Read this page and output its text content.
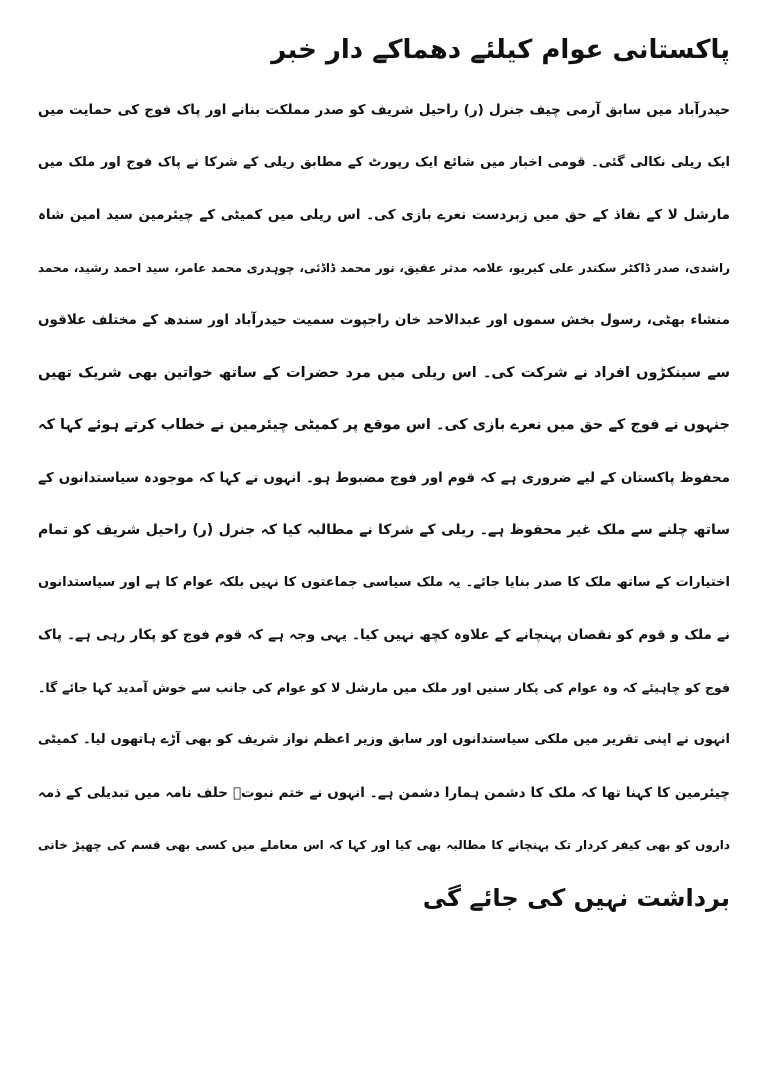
پاکستانی عوام کیلئے دھماکے دار خبر
حیدرآباد میں سابق آرمی چیف جنرل (ر) راحیل شریف کو صدر مملکت بنانے اور پاک فوج کی حمایت میں
ایک ریلی نکالی گئی۔ قومی اخبار میں شائع ایک رپورٹ کے مطابق ریلی کے شرکا نے پاک فوج اور ملک میں
مارشل لا کے نفاذ کے حق میں زبردست نعرے بازی کی۔ اس ریلی میں کمیٹی کے چیئرمین سید امین شاہ
راشدی، صدر ڈاکٹر سکندر علی کیریو، علامہ مدثر عقیق، نور محمد ڈاڈئی، چوہدری محمد عامر، سید احمد رشید، محمد
منشاء بھٹی، رسول بخش سموں اور عبدالاحد خان راجپوت سمیت حیدرآباد اور سندھ کے مختلف علاقوں
سے سینکڑوں افراد نے شرکت کی۔ اس ریلی میں مرد حضرات کے ساتھ خواتین بھی شریک تھیں
جنہوں نے فوج کے حق میں نعرے بازی کی۔ اس موقع پر کمیٹی چیئرمین نے خطاب کرتے ہوئے کہا کہ
محفوظ پاکستان کے لیے ضروری ہے کہ قوم اور فوج مضبوط ہو۔ انہوں نے کہا کہ موجودہ سیاستدانوں کے
ساتھ چلنے سے ملک غیر محفوظ ہے۔ ریلی کے شرکا نے مطالبہ کیا کہ جنرل (ر) راحیل شریف کو تمام
اختیارات کے ساتھ ملک کا صدر بنایا جائے۔ یہ ملک سیاسی جماعتوں کا نہیں بلکہ عوام کا ہے اور سیاستدانوں
نے ملک و قوم کو نقصان پہنچانے کے علاوہ کچھ نہیں کیا۔ یہی وجہ ہے کہ قوم فوج کو پکار رہی ہے۔ پاک
فوج کو چاہیئے کہ وہ عوام کی پکار سنیں اور ملک میں مارشل لا کو عوام کی جانب سے خوش آمدید کہا جائے گا۔
انہوں نے اپنی تقریر میں ملکی سیاستدانوں اور سابق وزیر اعظم نواز شریف کو بھی آڑے ہاتھوں لیا۔ کمیٹی
چیئرمین کا کہنا تھا کہ ملک کا دشمن ہمارا دشمن ہے۔ انہوں نے ختم نبوتؐ حلف نامہ میں تبدیلی کے ذمہ
داروں کو بھی کیفر کردار تک پہنچانے کا مطالبہ بھی کیا اور کہا کہ اس معاملے میں کسی بھی قسم کی چھیڑ خانی
برداشت نہیں کی جائے گی
